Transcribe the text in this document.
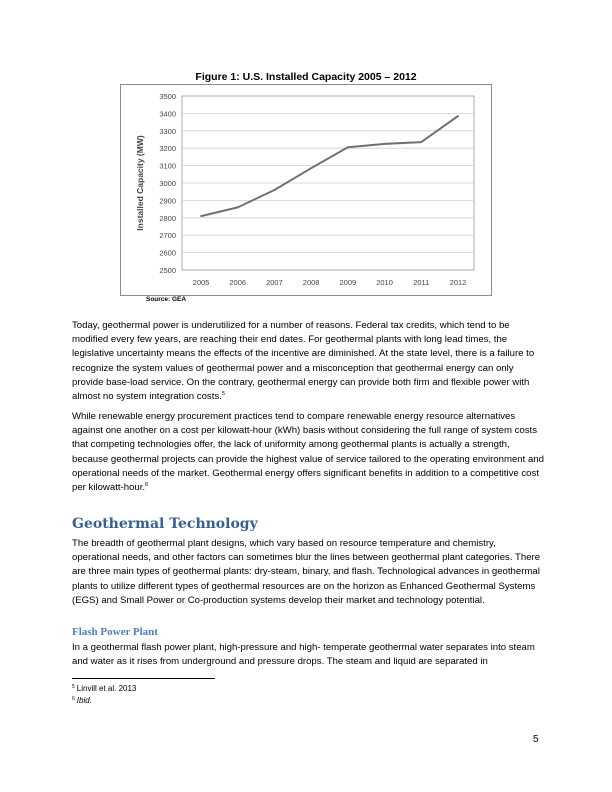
Figure 1: U.S. Installed Capacity 2005 – 2012
2500
2600
2700
2800
2900
3000
3100
3200
3300
3400
3500
2005	2006	2007	2008	2009	2010	2011	2012
Installed Capacity (MW)
Source: GEA

Today, geothermal power is underutilized for a number of reasons. Federal tax credits, which tend to be modified every few years, are reaching their end dates. For geothermal plants with long lead times, the legislative uncertainty means the effects of the incentive are diminished. At the state level, there is a failure to recognize the system values of geothermal power and a misconception that geothermal energy can only provide base-load service. On the contrary, geothermal energy can provide both firm and flexible power with almost no system integration costs.$^5$

While renewable energy procurement practices tend to compare renewable energy resource alternatives against one another on a cost per kilowatt-hour (kWh) basis without considering the full range of system costs that competing technologies offer, the lack of uniformity among geothermal plants is actually a strength, because geothermal projects can provide the highest value of service tailored to the operating environment and operational needs of the market. Geothermal energy offers significant benefits in addition to a competitive cost per kilowatt-hour.$^6$

Geothermal Technology

The breadth of geothermal plant designs, which vary based on resource temperature and chemistry, operational needs, and other factors can sometimes blur the lines between geothermal plant categories. There are three main types of geothermal plants: dry-steam, binary, and flash. Technological advances in geothermal plants to utilize different types of geothermal resources are on the horizon as Enhanced Geothermal Systems (EGS) and Small Power or Co-production systems develop their market and technology potential.

Flash Power Plant

In a geothermal flash power plant, high-pressure and high- temperate geothermal water separates into steam and water as it rises from underground and pressure drops. The steam and liquid are separated in

$^5$ Linvill et al. 2013
$^6$ Ibid.
5
